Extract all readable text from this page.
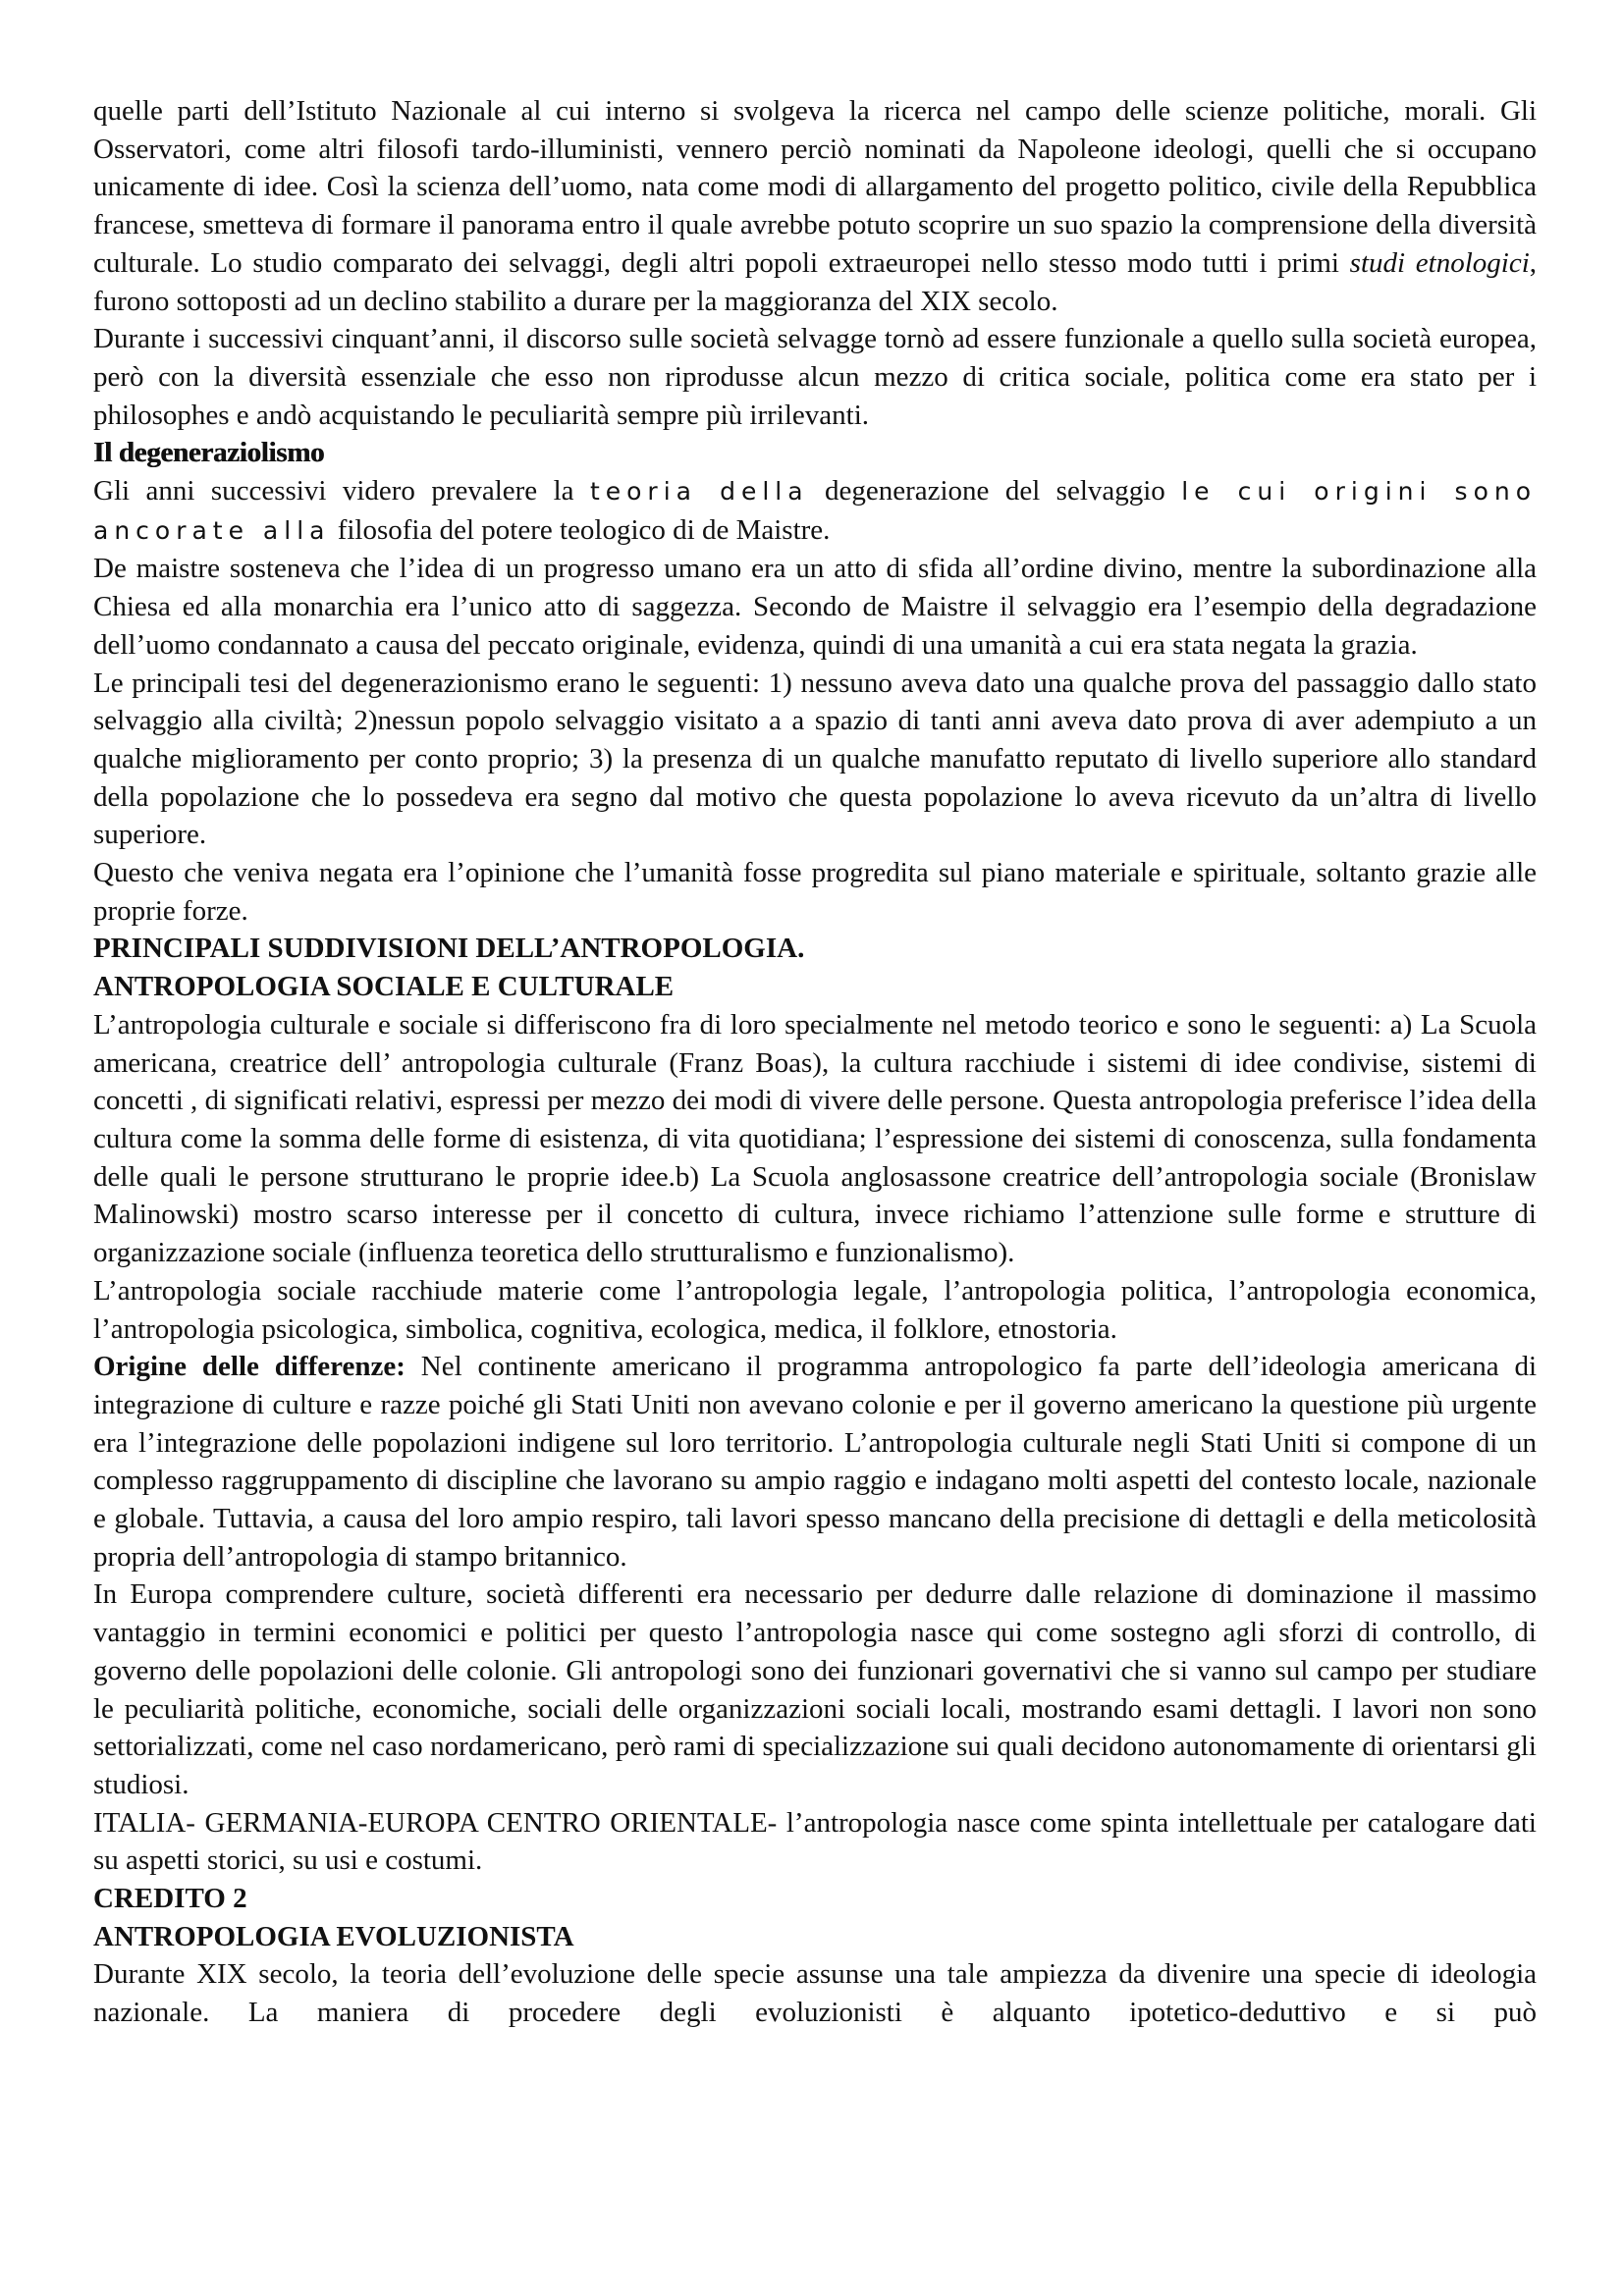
quelle parti dell’Istituto Nazionale al cui interno si svolgeva la ricerca nel campo delle scienze politiche, morali. Gli Osservatori, come altri filosofi tardo-illuministi, vennero perciò nominati da Napoleone ideologi, quelli che si occupano unicamente di idee. Così la scienza dell’uomo, nata come modi di allargamento del progetto politico, civile della Repubblica francese, smetteva di formare il panorama entro il quale avrebbe potuto scoprire un suo spazio la comprensione della diversità culturale. Lo studio comparato dei selvaggi, degli altri popoli extraeuropei nello stesso modo tutti i primi studi etnologici, furono sottoposti ad un declino stabilito a durare per la maggioranza del XIX secolo.

Durante i successivi cinquant’anni, il discorso sulle società selvagge tornò ad essere funzionale a quello sulla società europea, però con la diversità essenziale che esso non riprodusse alcun mezzo di critica sociale, politica come era stato per i philosophes e andò acquistando le peculiarità sempre più irrilevanti.

Il degeneraziolismo

Gli anni successivi videro prevalere la teoria della degenerazione del selvaggio le cui origini sono ancorate alla filosofia del potere teologico di de Maistre.

De maistre sosteneva che l’idea di un progresso umano era un atto di sfida all’ordine divino, mentre la subordinazione alla Chiesa ed alla monarchia era l’unico atto di saggezza. Secondo de Maistre il selvaggio era l’esempio della degradazione dell’uomo condannato a causa del peccato originale, evidenza, quindi di una umanità a cui era stata negata la grazia.

Le principali tesi del degenerazionismo erano le seguenti: 1) nessuno aveva dato una qualche prova del passaggio dallo stato selvaggio alla civiltà; 2)nessun popolo selvaggio visitato a a spazio di tanti anni aveva dato prova di aver adempiuto a un qualche miglioramento per conto proprio; 3) la presenza di un qualche manufatto reputato di livello superiore allo standard della popolazione che lo possedeva era segno dal motivo che questa popolazione lo aveva ricevuto da un’altra di livello superiore.

Questo che veniva negata era l’opinione che l’umanità fosse progredita sul piano materiale e spirituale, soltanto grazie alle proprie forze.

PRINCIPALI SUDDIVISIONI DELL’ANTROPOLOGIA.
ANTROPOLOGIA SOCIALE E CULTURALE

L’antropologia culturale e sociale si differiscono fra di loro specialmente nel metodo teorico e sono le seguenti: a) La Scuola americana, creatrice dell’ antropologia culturale (Franz Boas), la cultura racchiude i sistemi di idee condivise, sistemi di concetti , di significati relativi, espressi per mezzo dei modi di vivere delle persone. Questa antropologia preferisce l’idea della cultura come la somma delle forme di esistenza, di vita quotidiana; l’espressione dei sistemi di conoscenza, sulla fondamenta delle quali le persone strutturano le proprie idee.b) La Scuola anglosassone creatrice dell’antropologia sociale (Bronislaw Malinowski) mostro scarso interesse per il concetto di cultura, invece richiamo l’attenzione sulle forme e strutture di organizzazione sociale (influenza teoretica dello strutturalismo e funzionalismo).

L’antropologia sociale racchiude materie come l’antropologia legale, l’antropologia politica, l’antropologia economica, l’antropologia psicologica, simbolica, cognitiva, ecologica, medica, il folklore, etnostoria.

Origine delle differenze: Nel continente americano il programma antropologico fa parte dell’ideologia americana di integrazione di culture e razze poiché gli Stati Uniti non avevano colonie e per il governo americano la questione più urgente era l’integrazione delle popolazioni indigene sul loro territorio. L’antropologia culturale negli Stati Uniti si compone di un complesso raggruppamento di discipline che lavorano su ampio raggio e indagano molti aspetti del contesto locale, nazionale e globale. Tuttavia, a causa del loro ampio respiro, tali lavori spesso mancano della precisione di dettagli e della meticolosità propria dell’antropologia di stampo britannico.

In Europa comprendere culture, società differenti era necessario per dedurre dalle relazione di dominazione il massimo vantaggio in termini economici e politici per questo l’antropologia nasce qui come sostegno agli sforzi di controllo, di governo delle popolazioni delle colonie. Gli antropologi sono dei funzionari governativi che si vanno sul campo per studiare le peculiarità politiche, economiche, sociali delle organizzazioni sociali locali, mostrando esami dettagli. I lavori non sono settorializzati, come nel caso nordamericano, però rami di specializzazione sui quali decidono autonomamente di orientarsi gli studiosi.

ITALIA- GERMANIA-EUROPA CENTRO ORIENTALE- l’antropologia nasce come spinta intellettuale per catalogare dati su aspetti storici, su usi e costumi.

CREDITO 2
ANTROPOLOGIA EVOLUZIONISTA

Durante XIX secolo, la teoria dell’evoluzione delle specie assunse una tale ampiezza da divenire una specie di ideologia nazionale. La maniera di procedere degli evoluzionisti è alquanto ipotetico-deduttivo e si può
